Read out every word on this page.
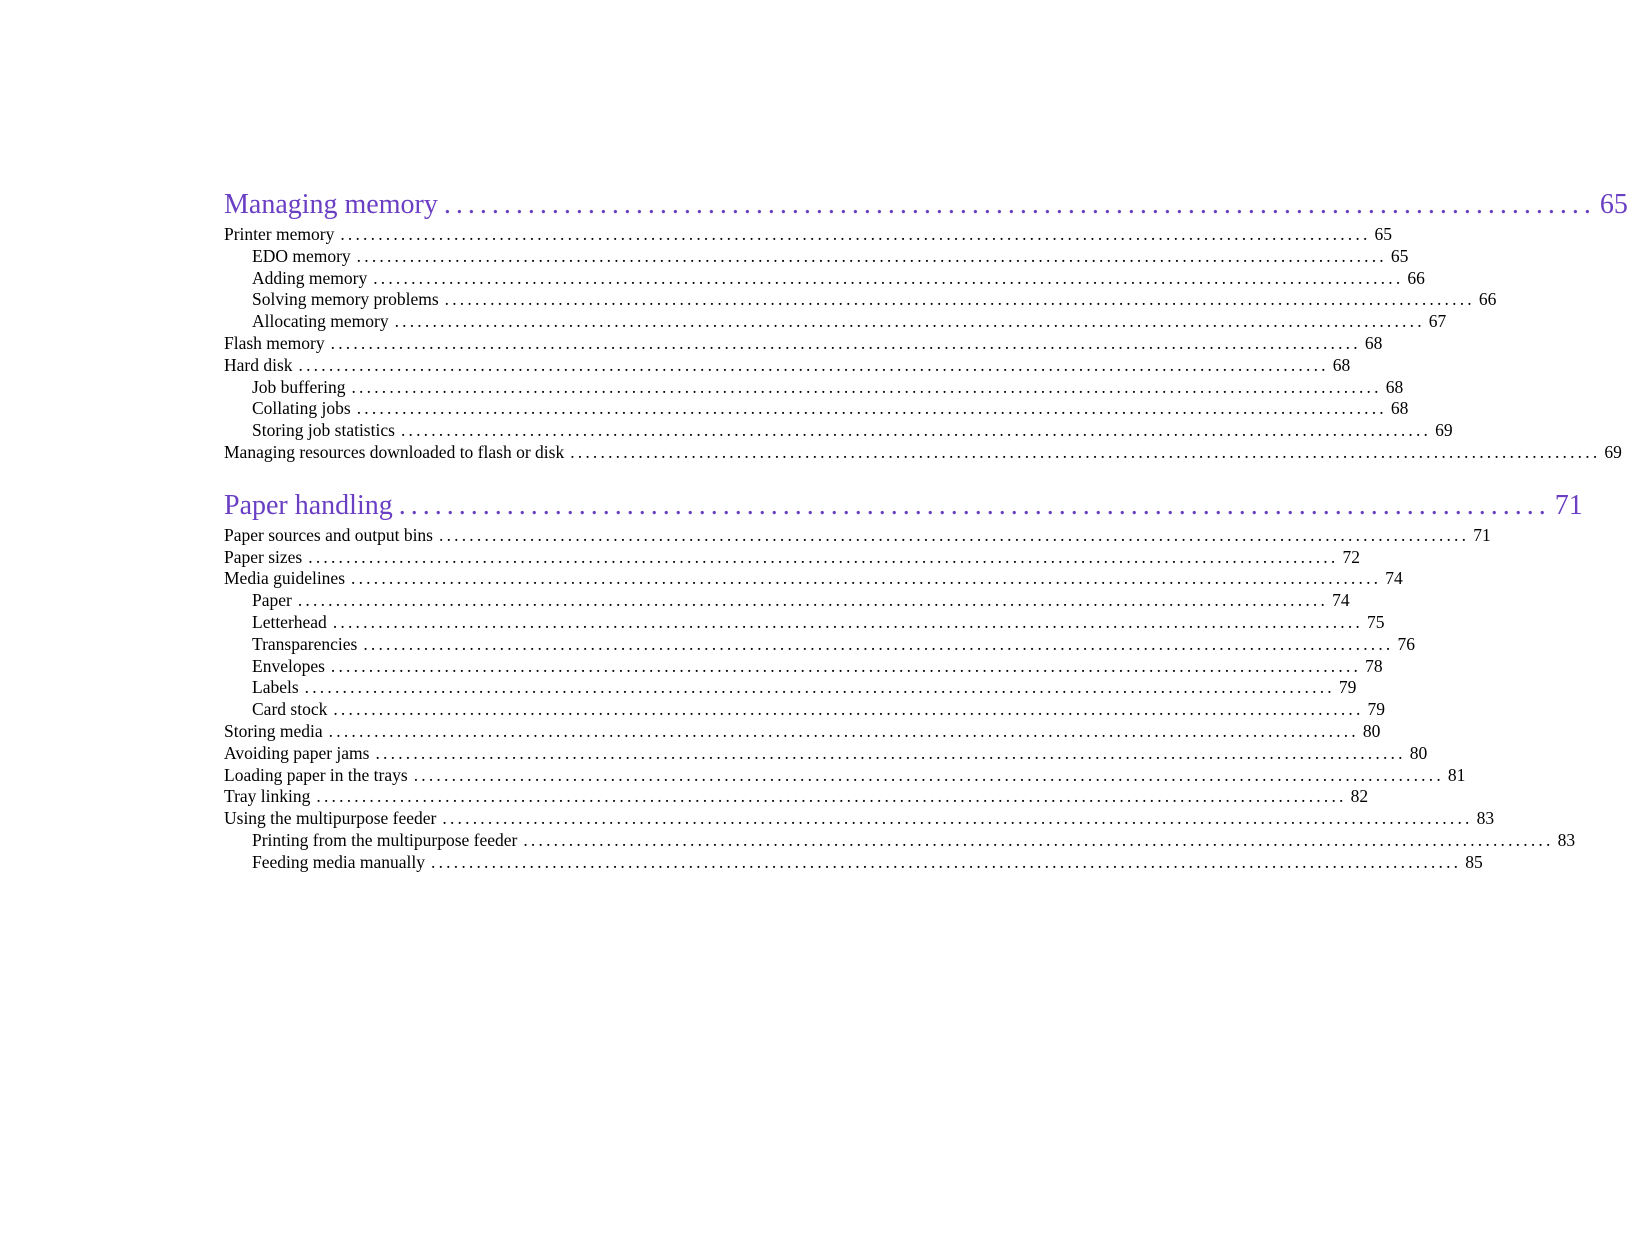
Managing memory ................................................................................................ 65
Printer memory ........................................................................................................................................ 65
EDO memory ........................................................................................................................................ 65
Adding memory ........................................................................................................................................ 66
Solving memory problems ........................................................................................................................................ 66
Allocating memory ........................................................................................................................................ 67
Flash memory ........................................................................................................................................ 68
Hard disk ........................................................................................................................................ 68
Job buffering ........................................................................................................................................ 68
Collating jobs ........................................................................................................................................ 68
Storing job statistics ........................................................................................................................................ 69
Managing resources downloaded to flash or disk ........................................................................................................................................ 69
Paper handling ................................................................................................ 71
Paper sources and output bins ........................................................................................................................................ 71
Paper sizes ........................................................................................................................................ 72
Media guidelines ........................................................................................................................................ 74
Paper ........................................................................................................................................ 74
Letterhead ........................................................................................................................................ 75
Transparencies ........................................................................................................................................ 76
Envelopes ........................................................................................................................................ 78
Labels ........................................................................................................................................ 79
Card stock ........................................................................................................................................ 79
Storing media ........................................................................................................................................ 80
Avoiding paper jams ........................................................................................................................................ 80
Loading paper in the trays ........................................................................................................................................ 81
Tray linking ........................................................................................................................................ 82
Using the multipurpose feeder ........................................................................................................................................ 83
Printing from the multipurpose feeder ........................................................................................................................................ 83
Feeding media manually ........................................................................................................................................ 85
